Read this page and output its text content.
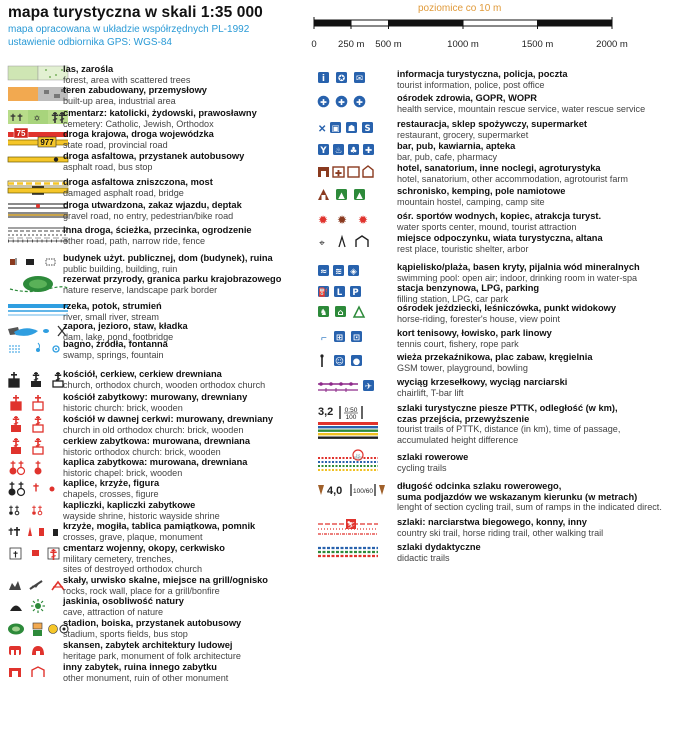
mapa turystyczna w skali 1:35 000
mapa opracowana w układzie współrzędnych PL-1992
ustawienie odbiornika GPS: WGS-84
poziomice co 10 m
0 250 m 500 m	1000 m	1500 m	2000 m
las, zarośla
forest, area with scattered trees
teren zabudowany, przemysłowy
built-up area, industrial area
✡
cmentarz: katolicki, żydowski, prawosławny
cemetery: Catholic, Jewish, Orthodox
75
977
droga krajowa, droga wojewódzka
state road, provincial road
droga asfaltowa, przystanek autobusowy
asphalt road, bus stop
droga asfaltowa zniszczona, most
damaged asphalt road, bridge
droga utwardzona, zakaz wjazdu, deptak
gravel road, no entry, pedestrian/bike road
inna droga, ścieżka, przecinka, ogrodzenie
other road, path, narrow ride, fence
budynek użyt. publicznej, dom (budynek), ruina
public building, building, ruin
rezerwat przyrody, granica parku krajobrazowego
nature reserve, landscape park border
rzeka, potok, strumień
river, small river, stream
zapora, jezioro, staw, kładka
dam, lake, pond, footbridge
bagno, źródła, fontanna
swamp, springs, fountain
kościół, cerkiew, cerkiew drewniana
church, orthodox church, wooden orthodox church
kościół zabytkowy: murowany, drewniany
historic church: brick, wooden
kościół w dawnej cerkwi: murowany, drewniany
church in old orthodox church: brick, wooden
cerkiew zabytkowa: murowana, drewniana
historic orthodox church: brick, wooden
kaplica zabytkowa: murowana, drewniana
historic chapel: brick, wooden
kaplice, krzyże, figura
chapels, crosses, figure
kapliczki, kapliczki zabytkowe
wayside shrine, historic wayside shrine
krzyże, mogiła, tablica pamiątkowa, pomnik
crosses, grave, plaque, monument
cmentarz wojenny, okopy, cerkwisko
military cemetery, trenches,
sites of destroyed orthodox church
skały, urwisko skalne, miejsce na grill/ognisko
rocks, rock wall, place for a grill/bonfire
jaskinia, osobliwość natury
cave, attraction of nature
stadion, boiska, przystanek autobusowy
stadium, sports fields, bus stop
skansen, zabytek architektury ludowej
heritage park, monument of folk architecture
inny zabytek, ruina innego zabytku
other monument, ruin of other monument
i ✪ ✉	informacja turystyczna, policja, poczta
tourist information, police, post office
✚ ✚ ✚	ośrodek zdrowia, GOPR, WOPR
health service, mountain rescue service, water rescue service
✕ ▣ ☗ S	restauracja, sklep spożywczy, supermarket
restaurant, grocery, supermarket
Y ♨ ♣ ✚	bar, pub, kawiarnia, apteka
bar, pub, cafe, pharmacy
✚
hotel, sanatorium, inne noclegi, agroturystyka
hotel, sanatorium, other accommodation, agrotourist farm
▲ ▲	schronisko, kemping, pole namiotowe
mountain hostel, camping, camp site
✹ ✹ ✹	ośr. sportów wodnych, kopiec, atrakcja turyst.
water sports center, mound, tourist attraction
⌖	miejsce odpoczynku, wiata turystyczna, altana
rest place, touristic shelter, arbor
≈ ≋ ◈	kąpielisko/plaża, basen kryty, pijalnia wód mineralnych
swimming pool: open air; indoor, drinking room in water-spa
⛽ L P	stacja benzynowa, LPG, parking
filling station, LPG, car park
♞ ⌂	ośrodek jeździecki, leśniczówka, punkt widokowy
horse-riding, forester's house, view point
⌐ ⊞ ⊡	kort tenisowy, łowisko, park linowy
tennis court, fishery, rope park
☺ ●	wieża przekaźnikowa, plac zabaw, kręgielnia
GSM tower, playground, bowling
✈	wyciąg krzesełkowy, wyciąg narciarski
chairlift, T-bar lift
3,2 0:50
100
szlaki turystyczne piesze PTTK, odległość (w km),
czas przejścia, przewyższenie
tourist trails of PTTK, distance (in km), time of passage,
accumulated height difference
🚲	szlaki rowerowe
cycling trails
4,0 100/60
długość odcinka szlaku rowerowego,
suma podjazdów we wskazanym kierunku (w metrach)
lenght of section cycling trail, sum of ramps in the indicated direct.
⛷	szlaki: narciarstwa biegowego, konny, inny
country ski trail, horse riding trail, other walking trail
szlaki dydaktyczne
didactic trails
